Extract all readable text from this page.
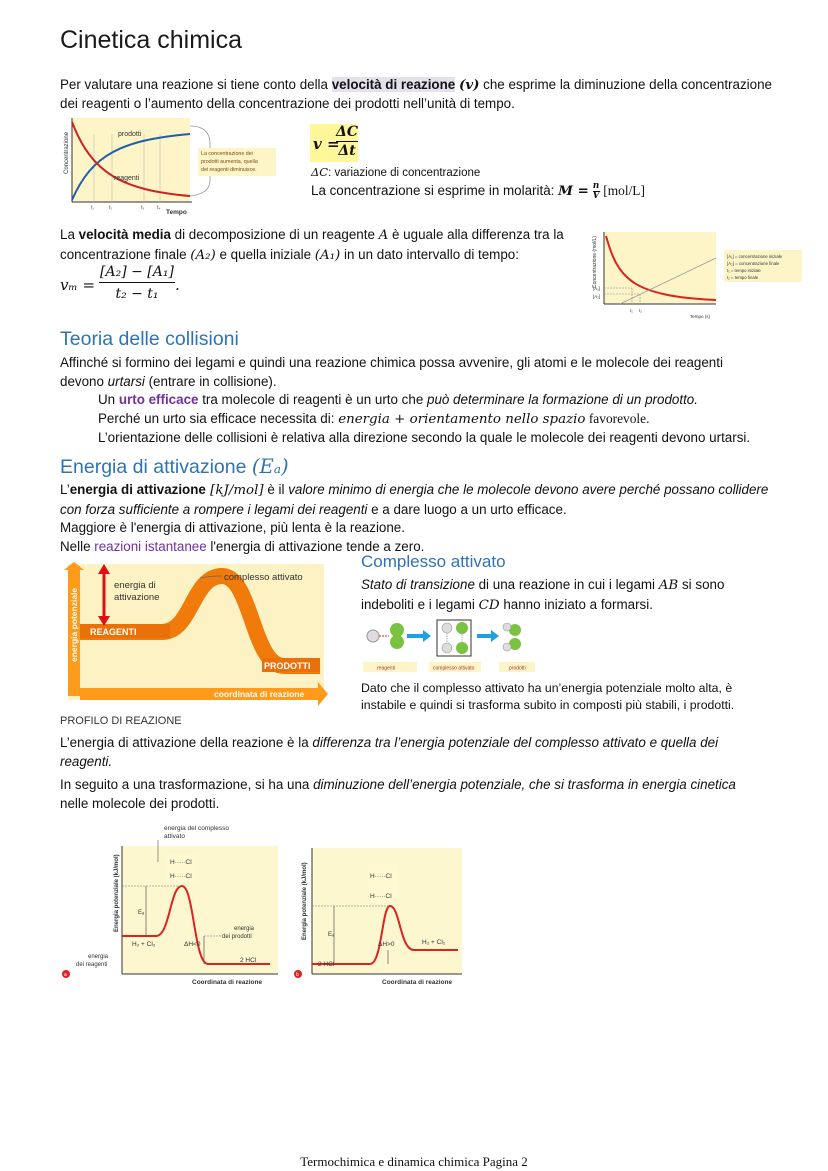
Cinetica chimica
Per valutare una reazione si tiene conto della velocità di reazione (v) che esprime la diminuzione della concentrazione
dei reagenti o l’aumento della concentrazione dei prodotti nell’unità di tempo.
prodotti
reagenti
Concentrazione
Tempo
t₁	t₂	t₃	t₄
La concentrazione dei
prodotti aumenta, quella
dei reagenti diminuisce.
v =
ΔC
Δt
ΔC: variazione di concentrazione
La concentrazione si esprime in molarità: $M = \frac{n}{V} [mol/L]$
La velocità media di decomposizione di un reagente A è uguale alla differenza tra la
concentrazione finale (A₂) e quella iniziale (A₁) in un dato intervallo di tempo:
vₘ =
[A₂] − [A₁]
t₂ − t₁	.	Concentrazione (mol/L)
[A₁]
[A₂]
t₁ t₂
Tempo (s)
[A₁] = concentrazione iniziale
[A₂] = concentrazione finale
t₁ = tempo iniziale
t₂ = tempo finale
Teoria delle collisioni
Affinché si formino dei legami e quindi una reazione chimica possa avvenire, gli atomi e le molecole dei reagenti
devono urtarsi (entrare in collisione).
Un urto efficace tra molecole di reagenti è un urto che può determinare la formazione di un prodotto.
Perché un urto sia efficace necessita di: energia + orientamento nello spazio favorevole.
L’orientazione delle collisioni è relativa alla direzione secondo la quale le molecole dei reagenti devono urtarsi.
Energia di attivazione (Eₐ)
L’energia di attivazione [kJ/mol] è il valore minimo di energia che le molecole devono avere perché possano collidere
con forza sufficiente a rompere i legami dei reagenti e a dare luogo a un urto efficace.
Maggiore è l'energia di attivazione, più lenta è la reazione.
Nelle reazioni istantanee l'energia di attivazione tende a zero.
energia di
attivazione
complesso attivato
REAGENTI
PRODOTTI
coordinata di reazione
energia potenziale
PROFILO DI REAZIONE
Complesso attivato
Stato di transizione di una reazione in cui i legami AB si sono
indeboliti e i legami CD hanno iniziato a formarsi.
reagenti	complesso attivato	prodotti
Dato che il complesso attivato ha un’energia potenziale molto alta, è
instabile e quindi si trasforma subito in composti più stabili, i prodotti.
L’energia di attivazione della reazione è la differenza tra l’energia potenziale del complesso attivato e quella dei
reagenti.
In seguito a una trasformazione, si ha una diminuzione dell’energia potenziale, che si trasforma in energia cinetica
nelle molecole dei prodotti.
energia del complesso
attivato
H·····Cl
H·····Cl
Eₐ
H₂ + Cl₂	ΔH<0
energia
dei prodotti
2 HCl
energia
dei reagenti
Energia potenziale (kJ/mol)
Coordinata di reazione
a
H·····Cl
H·····Cl
Eₐ
2 HCl
ΔH>0	H₂ + Cl₂
Energia potenziale (kJ/mol)
Coordinata di reazione
b
Termochimica e dinamica chimica Pagina 2
